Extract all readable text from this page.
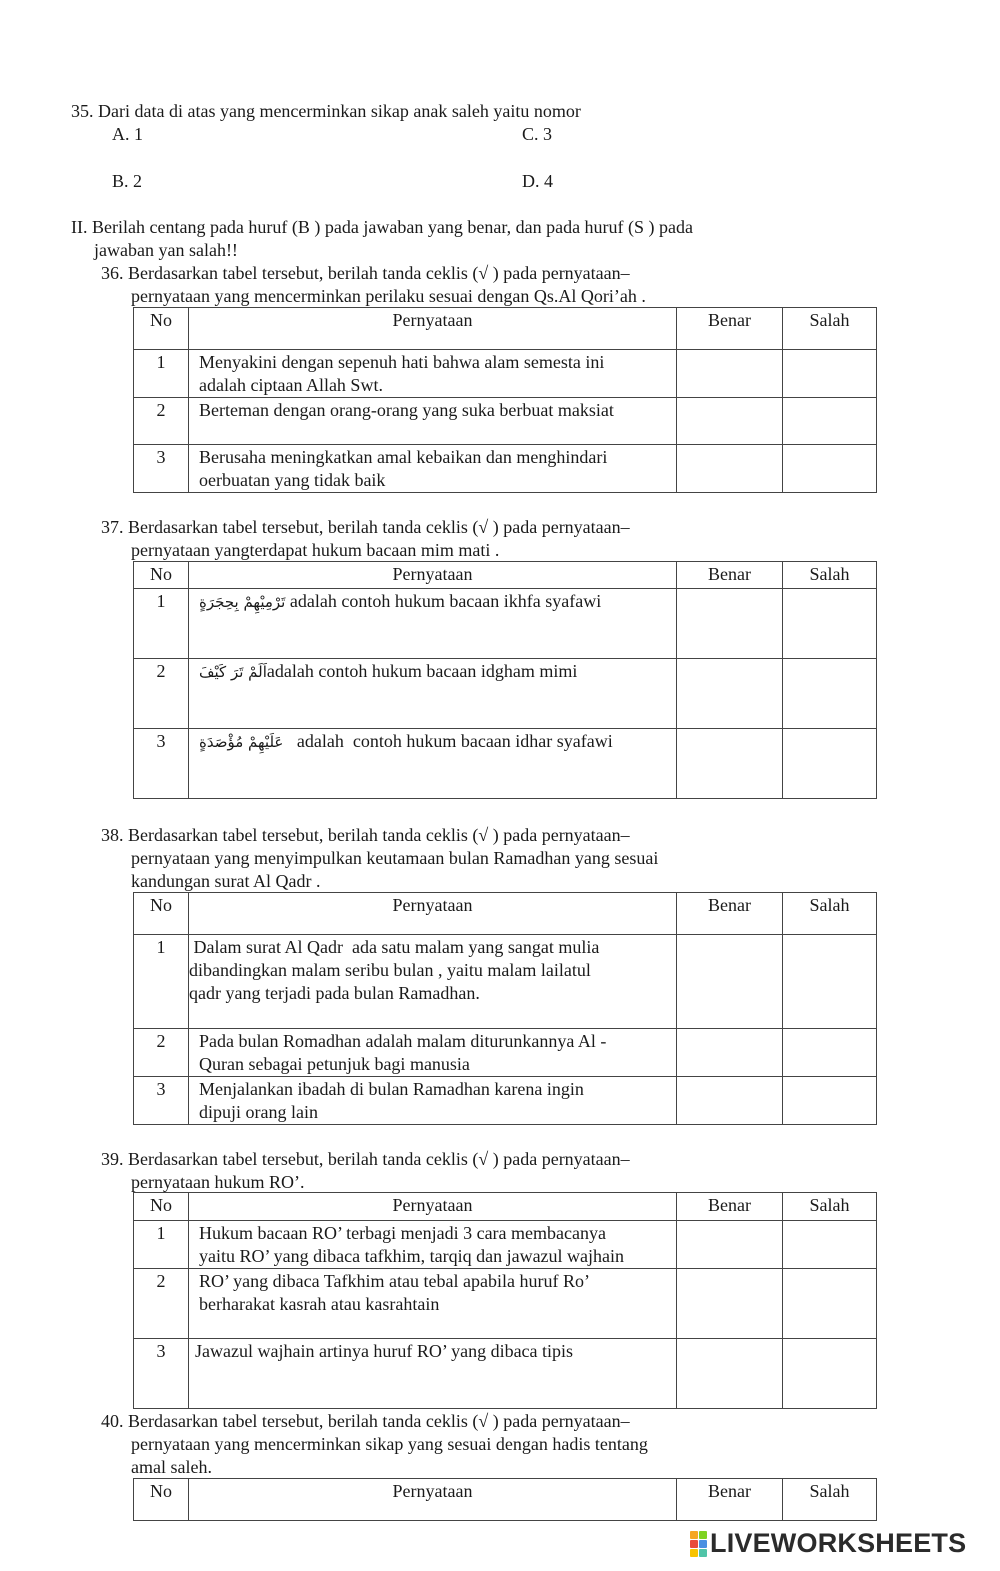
35. Dari data di atas yang mencerminkan sikap anak saleh yaitu nomor
A. 1	C. 3
B. 2	D. 4
II. Berilah centang pada huruf (B ) pada jawaban yang benar, dan pada huruf (S ) pada
jawaban yan salah!!
36. Berdasarkan tabel tersebut, berilah tanda ceklis (√ ) pada pernyataan–
pernyataan yang mencerminkan perilaku sesuai dengan Qs.Al Qori’ah .
No	Pernyataan	Benar	Salah
1	Menyakini dengan sepenuh hati bahwa alam semesta ini
adalah ciptaan Allah Swt.		

2	Berteman dengan orang-orang yang suka berbuat maksiat		

3	Berusaha meningkatkan amal kebaikan dan menghindari
oerbuatan yang tidak baik		

37. Berdasarkan tabel tersebut, berilah tanda ceklis (√ ) pada pernyataan–
pernyataan yangterdapat hukum bacaan mim mati .
No	Pernyataan	Benar	Salah
1	تَرْمِيْهِمْ بِحِجَرَةٍ adalah contoh hukum bacaan ikhfa syafawi		
2	اَلَمْ تَرَ كَيْفَadalah contoh hukum bacaan idgham mimi		
3	عَلَيْهِمْ مُؤْصَدَةٍ   adalah  contoh hukum bacaan idhar syafawi		
38. Berdasarkan tabel tersebut, berilah tanda ceklis (√ ) pada pernyataan–
pernyataan yang menyimpulkan keutamaan bulan Ramadhan yang sesuai
kandungan surat Al Qadr .
No	Pernyataan	Benar	Salah
1	Dalam surat Al Qadr  ada satu malam yang sangat mulia
dibandingkan malam seribu bulan , yaitu malam lailatul
qadr yang terjadi pada bulan Ramadhan.		

2	Pada bulan Romadhan adalah malam diturunkannya Al -
Quran sebagai petunjuk bagi manusia		

3	Menjalankan ibadah di bulan Ramadhan karena ingin
dipuji orang lain		

39. Berdasarkan tabel tersebut, berilah tanda ceklis (√ ) pada pernyataan–
pernyataan hukum RO’.
No	Pernyataan	Benar	Salah
1	Hukum bacaan RO’ terbagi menjadi 3 cara membacanya
yaitu RO’ yang dibaca tafkhim, tarqiq dan jawazul wajhain		

2	RO’ yang dibaca Tafkhim atau tebal apabila huruf Ro’
berharakat kasrah atau kasrahtain		

3	Jawazul wajhain artinya huruf RO’ yang dibaca tipis		

40. Berdasarkan tabel tersebut, berilah tanda ceklis (√ ) pada pernyataan–
pernyataan yang mencerminkan sikap yang sesuai dengan hadis tentang
amal saleh.
No	Pernyataan	Benar	Salah
LIVEWORKSHEETS
